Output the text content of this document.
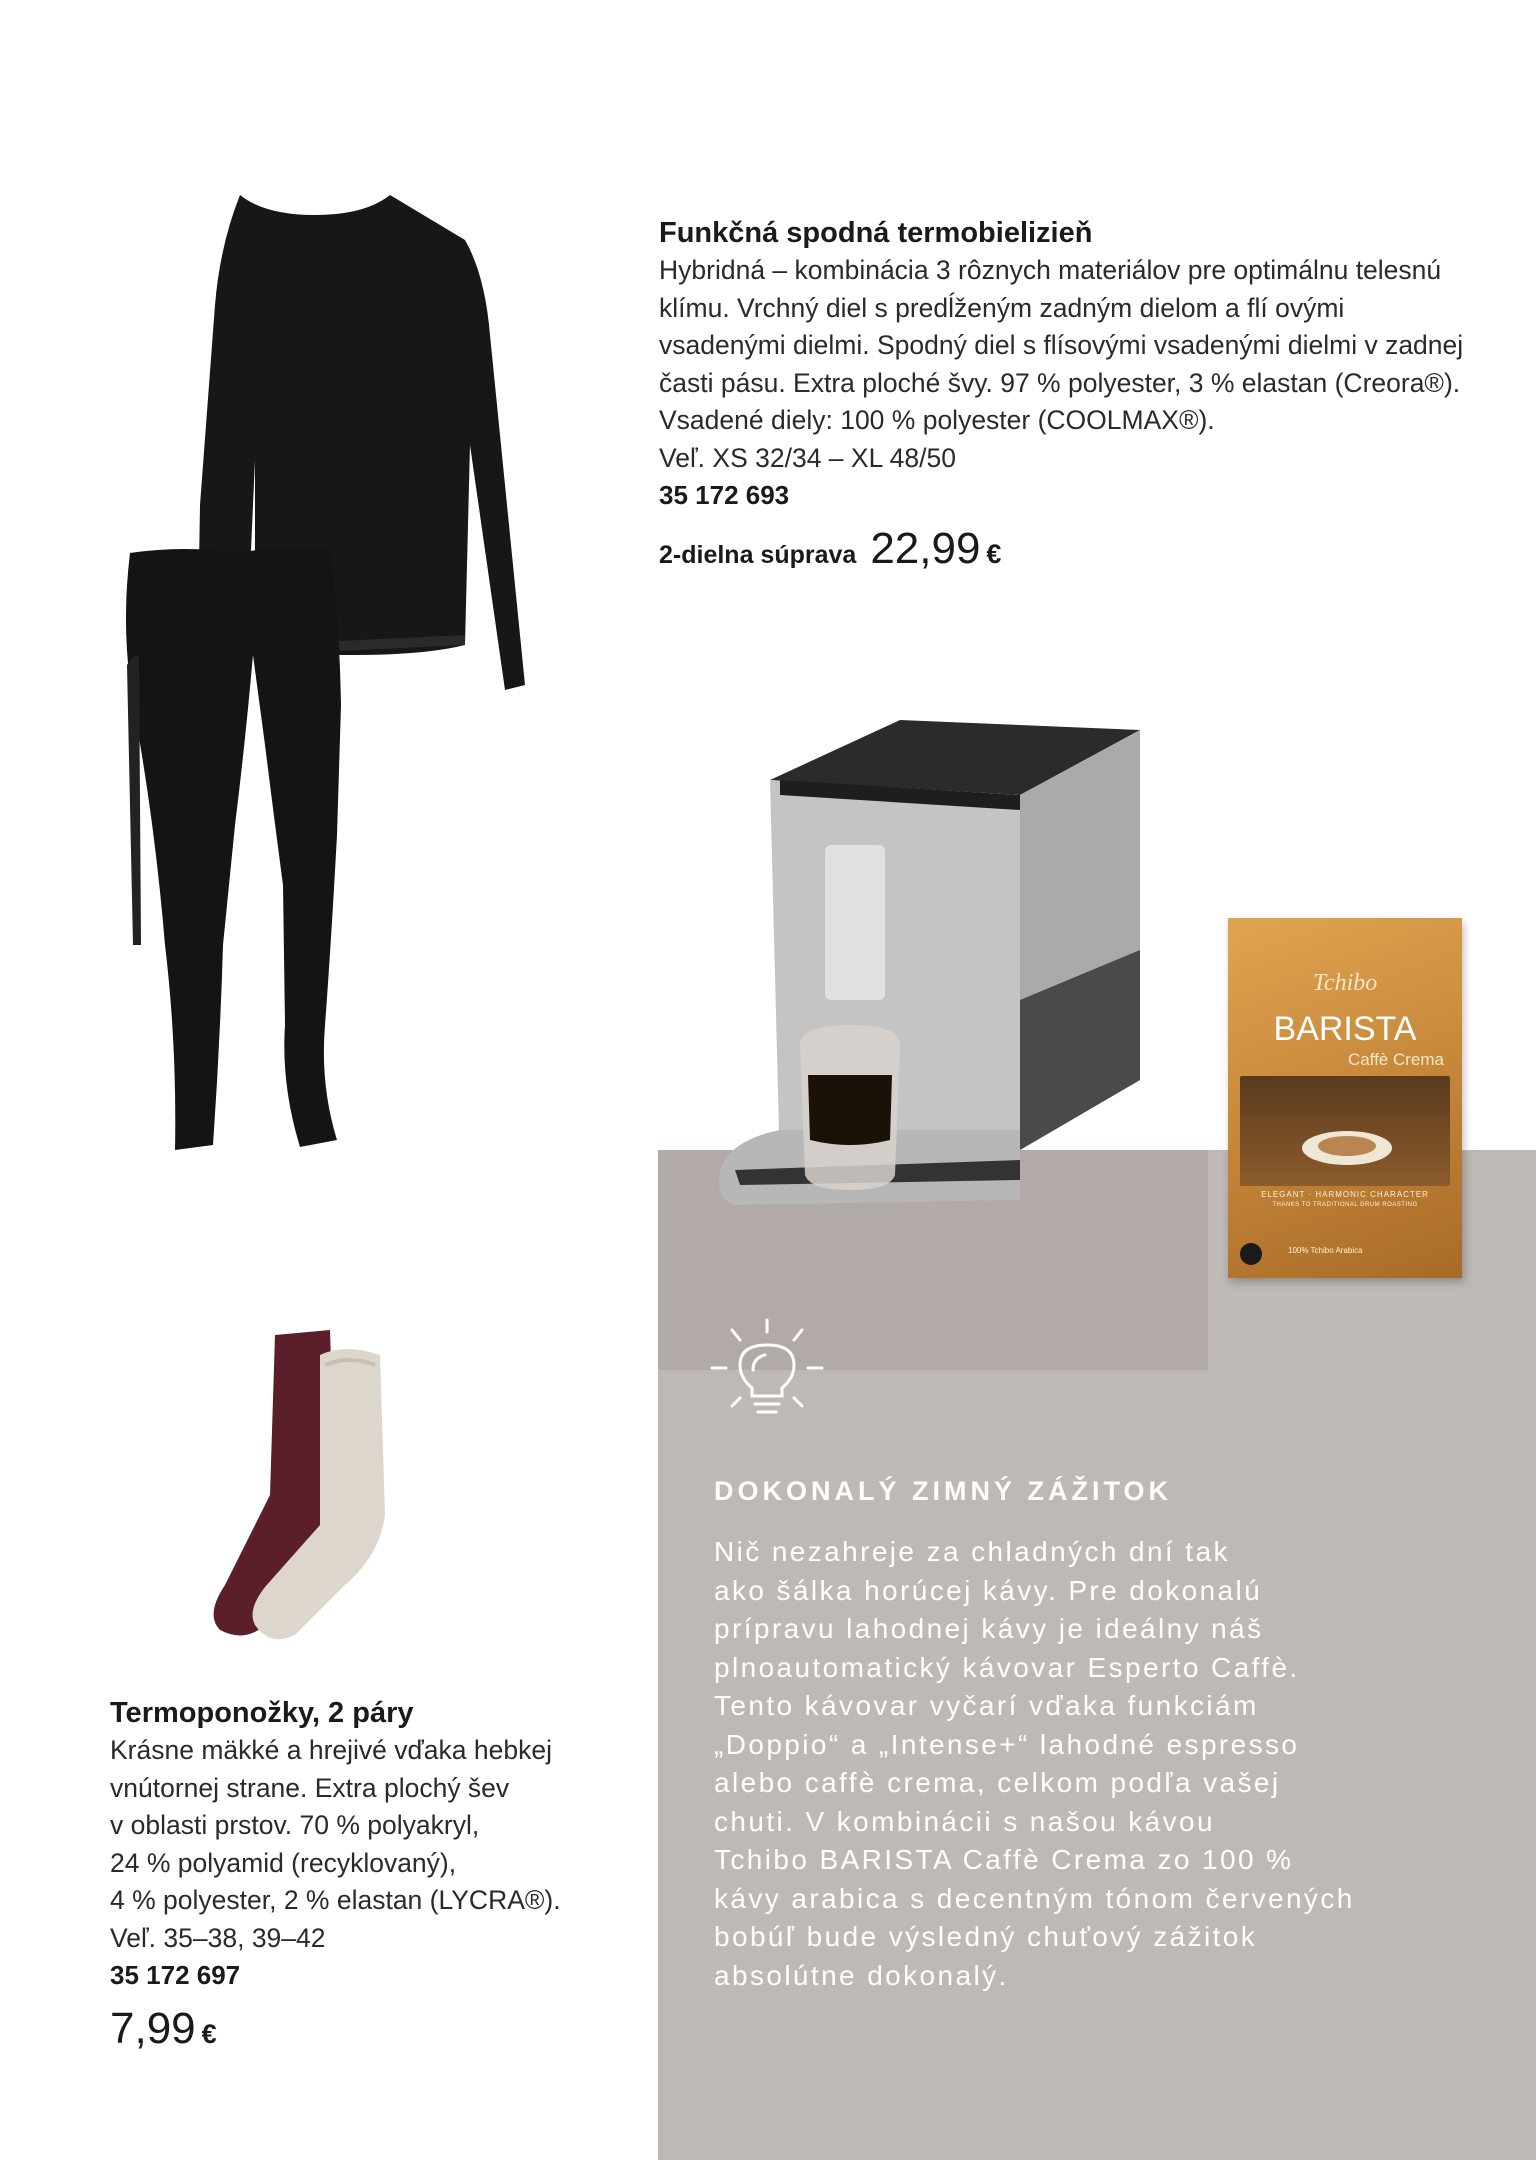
Tchibo
BARISTA
Caffè Crema
ELEGANT · HARMONIC CHARACTER
THANKS TO TRADITIONAL DRUM ROASTING
100% Tchibo Arabica
Funkčná spodná termobielizieň
Hybridná – kombinácia 3 rôznych materiálov pre optimálnu telesnú
klímu. Vrchný diel s predĺženým zadným dielom a flí ovými
vsadenými dielmi. Spodný diel s flísovými vsadenými dielmi v zadnej
časti pásu. Extra ploché švy. 97 % polyester, 3 % elastan (Creora®).
Vsadené diely: 100 % polyester (COOLMAX®).
Veľ. XS 32/34 – XL 48/50
35 172 693
2-dielna súprava 22,99 €
Termoponožky, 2 páry
Krásne mäkké a hrejivé vďaka hebkej
vnútornej strane. Extra plochý šev
v oblasti prstov. 70 % polyakryl,
24 % polyamid (recyklovaný),
4 % polyester, 2 % elastan (LYCRA®).
Veľ. 35–38, 39–42
35 172 697
7,99 €
DOKONALÝ ZIMNÝ ZÁŽITOK
Nič nezahreje za chladných dní tak
ako šálka horúcej kávy. Pre dokonalú
prípravu lahodnej kávy je ideálny náš
plnoautomatický kávovar Esperto Caffè.
Tento kávovar vyčarí vďaka funkciám
„Doppio“ a „Intense+“ lahodné espresso
alebo caffè crema, celkom podľa vašej
chuti. V kombinácii s našou kávou
Tchibo BARISTA Caffè Crema zo 100 %
kávy arabica s decentným tónom červených
bobúľ bude výsledný chuťový zážitok
absolútne dokonalý.
